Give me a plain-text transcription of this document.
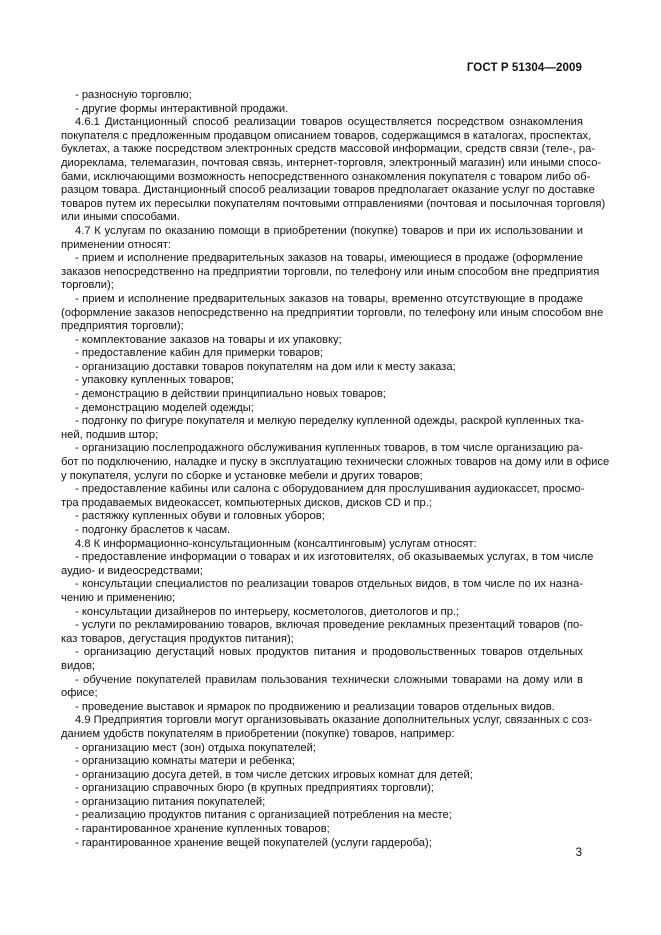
ГОСТ Р 51304—2009
- разносную торговлю;
- другие формы интерактивной продажи.
4.6.1 Дистанционный способ реализации товаров осуществляется посредством ознакомления
покупателя с предложенным продавцом описанием товаров, содержащимся в каталогах, проспектах,
буклетах, а также посредством электронных средств массовой информации, средств связи (теле-, ра-
диореклама, телемагазин, почтовая связь, интернет-торговля, электронный магазин) или иными спосо-
бами, исключающими возможность непосредственного ознакомления покупателя с товаром либо об-
разцом товара. Дистанционный способ реализации товаров предполагает оказание услуг по доставке
товаров путем их пересылки покупателям почтовыми отправлениями (почтовая и посылочная торговля)
или иными способами.
4.7 К услугам по оказанию помощи в приобретении (покупке) товаров и при их использовании и
применении относят:
- прием и исполнение предварительных заказов на товары, имеющиеся в продаже (оформление
заказов непосредственно на предприятии торговли, по телефону или иным способом вне предприятия
торговли);
- прием и исполнение предварительных заказов на товары, временно отсутствующие в продаже
(оформление заказов непосредственно на предприятии торговли, по телефону или иным способом вне
предприятия торговли);
- комплектование заказов на товары и их упаковку;
- предоставление кабин для примерки товаров;
- организацию доставки товаров покупателям на дом или к месту заказа;
- упаковку купленных товаров;
- демонстрацию в действии принципиально новых товаров;
- демонстрацию моделей одежды;
- подгонку по фигуре покупателя и мелкую переделку купленной одежды, раскрой купленных тка-
ней, подшив штор;
- организацию послепродажного обслуживания купленных товаров, в том числе организацию ра-
бот по подключению, наладке и пуску в эксплуатацию технически сложных товаров на дому или в офисе
у покупателя, услуги по сборке и установке мебели и других товаров;
- предоставление кабины или салона с оборудованием для прослушивания аудиокассет, просмо-
тра продаваемых видеокассет, компьютерных дисков, дисков CD и пр.;
- растяжку купленных обуви и головных уборов;
- подгонку браслетов к часам.
4.8 К информационно-консультационным (консалтинговым) услугам относят:
- предоставление информации о товарах и их изготовителях, об оказываемых услугах, в том числе
аудио- и видеосредствами;
- консультации специалистов по реализации товаров отдельных видов, в том числе по их назна-
чению и применению;
- консультации дизайнеров по интерьеру, косметологов, диетологов и пр.;
- услуги по рекламированию товаров, включая проведение рекламных презентаций товаров (по-
каз товаров, дегустация продуктов питания);
- организацию дегустаций новых продуктов питания и продовольственных товаров отдельных
видов;
- обучение покупателей правилам пользования технически сложными товарами на дому или в
офисе;
- проведение выставок и ярмарок по продвижению и реализации товаров отдельных видов.
4.9 Предприятия торговли могут организовывать оказание дополнительных услуг, связанных с соз-
данием удобств покупателям в приобретении (покупке) товаров, например:
- организацию мест (зон) отдыха покупателей;
- организацию комнаты матери и ребенка;
- организацию досуга детей, в том числе детских игровых комнат для детей;
- организацию справочных бюро (в крупных предприятиях торговли);
- организацию питания покупателей;
- реализацию продуктов питания с организацией потребления на месте;
- гарантированное хранение купленных товаров;
- гарантированное хранение вещей покупателей (услуги гардероба);
3
